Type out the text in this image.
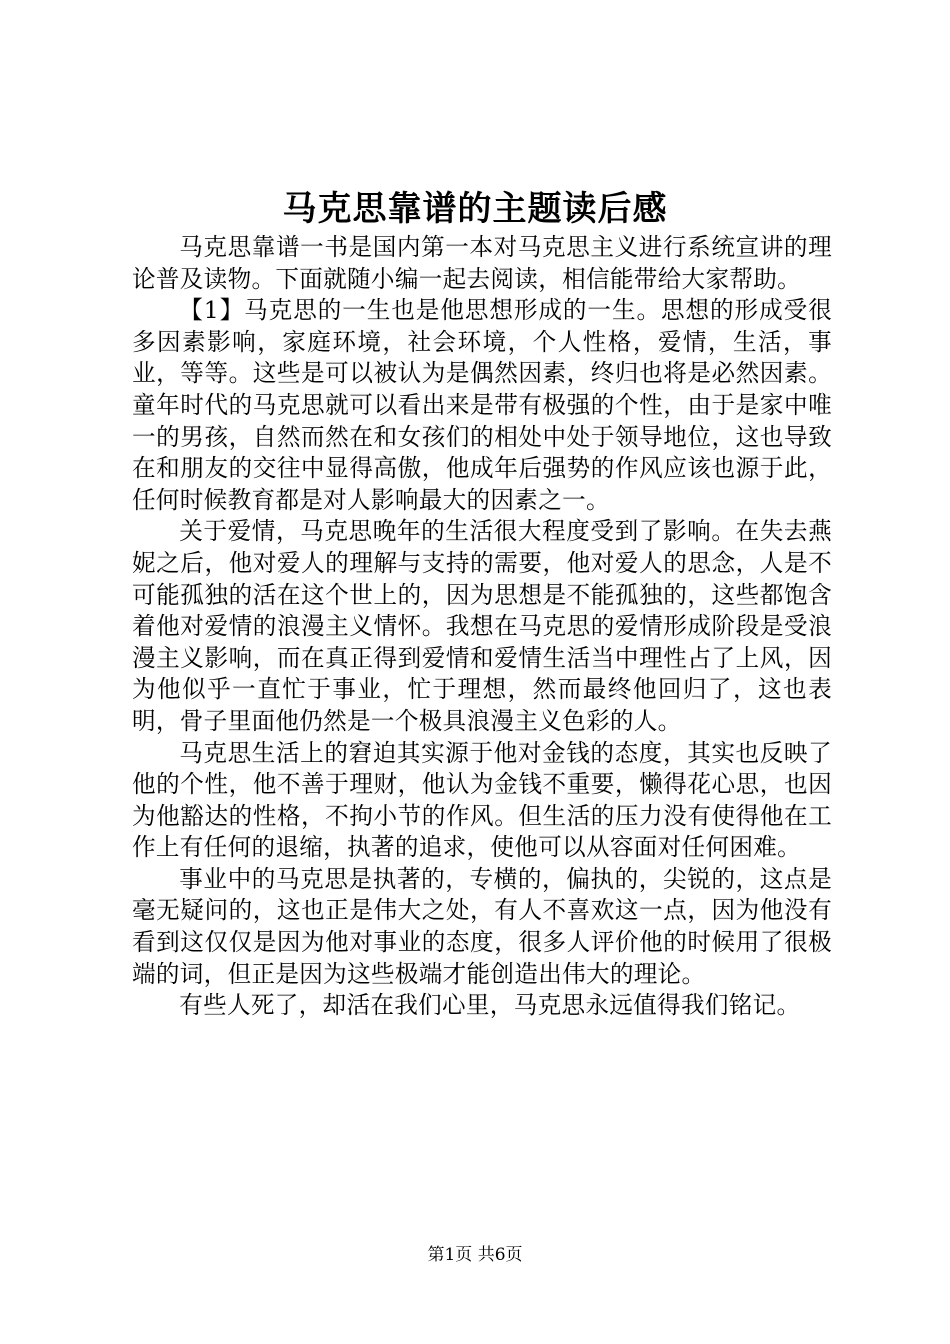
马克思靠谱的主题读后感

马克思靠谱一书是国内第一本对马克思主义进行系统宣讲的理论普及读物。下面就随小编一起去阅读，相信能带给大家帮助。

【1】马克思的一生也是他思想形成的一生。思想的形成受很多因素影响，家庭环境，社会环境，个人性格，爱情，生活，事业，等等。这些是可以被认为是偶然因素，终归也将是必然因素。童年时代的马克思就可以看出来是带有极强的个性，由于是家中唯一的男孩，自然而然在和女孩们的相处中处于领导地位，这也导致在和朋友的交往中显得高傲，他成年后强势的作风应该也源于此，任何时候教育都是对人影响最大的因素之一。

关于爱情，马克思晚年的生活很大程度受到了影响。在失去燕妮之后，他对爱人的理解与支持的需要，他对爱人的思念，人是不可能孤独的活在这个世上的，因为思想是不能孤独的，这些都饱含着他对爱情的浪漫主义情怀。我想在马克思的爱情形成阶段是受浪漫主义影响，而在真正得到爱情和爱情生活当中理性占了上风，因为他似乎一直忙于事业，忙于理想，然而最终他回归了，这也表明，骨子里面他仍然是一个极具浪漫主义色彩的人。

马克思生活上的窘迫其实源于他对金钱的态度，其实也反映了他的个性，他不善于理财，他认为金钱不重要，懒得花心思，也因为他豁达的性格，不拘小节的作风。但生活的压力没有使得他在工作上有任何的退缩，执著的追求，使他可以从容面对任何困难。

事业中的马克思是执著的，专横的，偏执的，尖锐的，这点是毫无疑问的，这也正是伟大之处，有人不喜欢这一点，因为他没有看到这仅仅是因为他对事业的态度，很多人评价他的时候用了很极端的词，但正是因为这些极端才能创造出伟大的理论。

有些人死了，却活在我们心里，马克思永远值得我们铭记。

第1页 共6页
